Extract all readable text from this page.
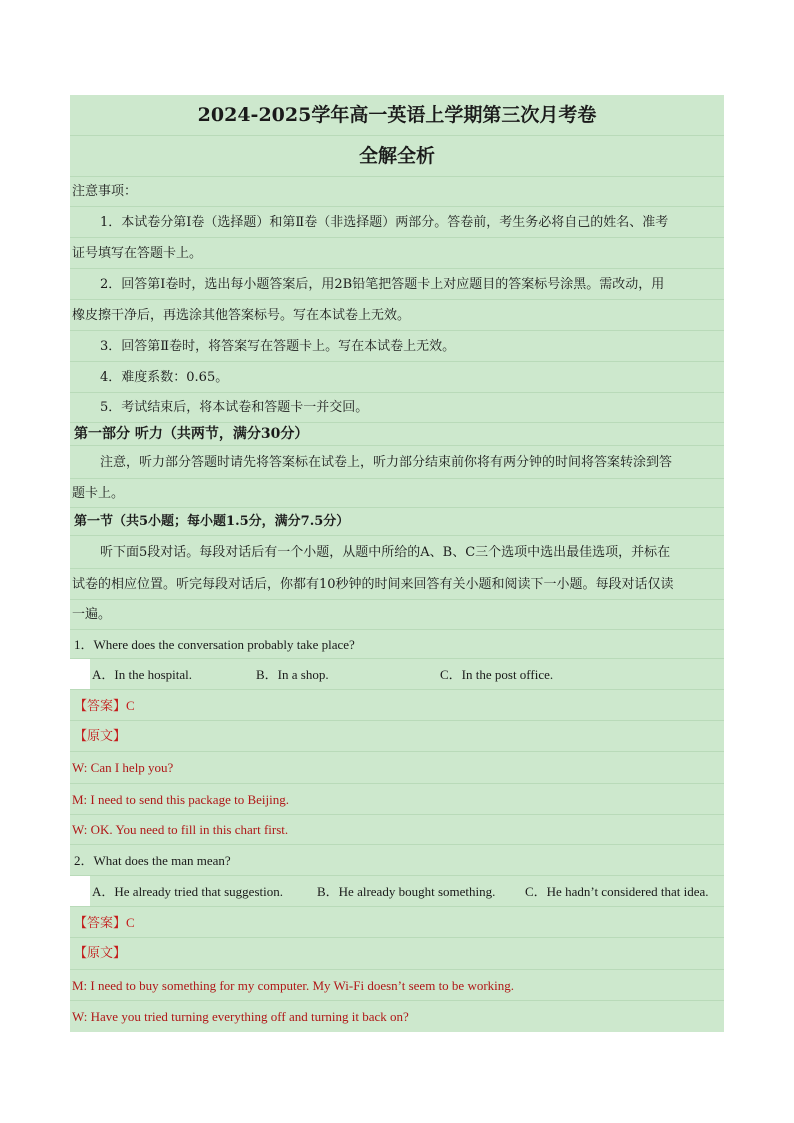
2024-2025学年高一英语上学期第三次月考卷
全解全析
注意事项：
1．本试卷分第Ⅰ卷（选择题）和第Ⅱ卷（非选择题）两部分。答卷前，考生务必将自己的姓名、准考
证号填写在答题卡上。
2．回答第Ⅰ卷时，选出每小题答案后，用2B铅笔把答题卡上对应题目的答案标号涂黑。需改动，用
橡皮擦干净后，再选涂其他答案标号。写在本试卷上无效。
3．回答第Ⅱ卷时，将答案写在答题卡上。写在本试卷上无效。
4．难度系数：0.65。
5．考试结束后，将本试卷和答题卡一并交回。
第一部分 听力（共两节，满分30分）
注意，听力部分答题时请先将答案标在试卷上，听力部分结束前你将有两分钟的时间将答案转涂到答
题卡上。
第一节（共5小题；每小题1.5分，满分7.5分）
听下面5段对话。每段对话后有一个小题，从题中所给的A、B、C三个选项中选出最佳选项，并标在
试卷的相应位置。听完每段对话后，你都有10秒钟的时间来回答有关小题和阅读下一小题。每段对话仅读
一遍。
1．Where does the conversation probably take place?
A．In the hospital.	B．In a shop.	C．In the post office.
【答案】C
【原文】
W: Can I help you?
M: I need to send this package to Beijing.
W: OK. You need to fill in this chart first.
2．What does the man mean?
A．He already tried that suggestion.	B．He already bought something. C．He hadn’t considered that idea.
【答案】C
【原文】
M: I need to buy something for my computer. My Wi-Fi doesn’t seem to be working.
W: Have you tried turning everything off and turning it back on?
